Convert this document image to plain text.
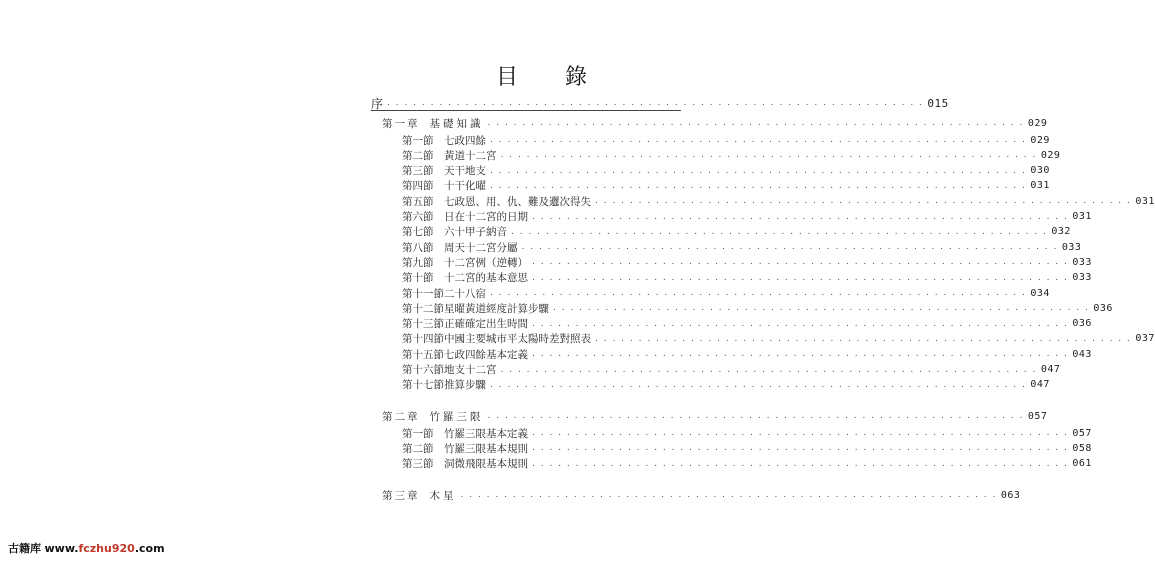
目 錄
序 . . . . . . . . . . . . . . . . . . . . . . . . . . . . . . . . . . . . . . . . . . . . . . . . . . . . . . . . . . . . . . 015
第一章 基礎知識 . . . . . . . . . . . . . . . . . . . . . . . . . . . . . . . . . . . . . . . . . . . . . . . . . . . . . . . . . . . . . . 029
第一節	七政四餘 . . . . . . . . . . . . . . . . . . . . . . . . . . . . . . . . . . . . . . . . . . . . . . . . . . . . . . . . . . . . . . 029
第二節	黃道十二宮 . . . . . . . . . . . . . . . . . . . . . . . . . . . . . . . . . . . . . . . . . . . . . . . . . . . . . . . . . . . . . . 029
第三節	天干地支 . . . . . . . . . . . . . . . . . . . . . . . . . . . . . . . . . . . . . . . . . . . . . . . . . . . . . . . . . . . . . . 030
第四節	十干化曜 . . . . . . . . . . . . . . . . . . . . . . . . . . . . . . . . . . . . . . . . . . . . . . . . . . . . . . . . . . . . . . 031
第五節	七政恩、用、仇、難及邐次得失 . . . . . . . . . . . . . . . . . . . . . . . . . . . . . . . . . . . . . . . . . . . . . . . . . . . . . . . . . . . . . . 031
第六節	日在十二宮的日期 . . . . . . . . . . . . . . . . . . . . . . . . . . . . . . . . . . . . . . . . . . . . . . . . . . . . . . . . . . . . . . 031
第七節	六十甲子納音 . . . . . . . . . . . . . . . . . . . . . . . . . . . . . . . . . . . . . . . . . . . . . . . . . . . . . . . . . . . . . . 032
第八節	周天十二宮分屬 . . . . . . . . . . . . . . . . . . . . . . . . . . . . . . . . . . . . . . . . . . . . . . . . . . . . . . . . . . . . . . 033
第九節	十二宮例（逆轉） . . . . . . . . . . . . . . . . . . . . . . . . . . . . . . . . . . . . . . . . . . . . . . . . . . . . . . . . . . . . . . 033
第十節	十二宮的基本意思 . . . . . . . . . . . . . . . . . . . . . . . . . . . . . . . . . . . . . . . . . . . . . . . . . . . . . . . . . . . . . . 033
第十一節 二十八宿 . . . . . . . . . . . . . . . . . . . . . . . . . . . . . . . . . . . . . . . . . . . . . . . . . . . . . . . . . . . . . . 034
第十二節 星曜黃道經度計算步驟 . . . . . . . . . . . . . . . . . . . . . . . . . . . . . . . . . . . . . . . . . . . . . . . . . . . . . . . . . . . . . . 036
第十三節 正確確定出生時間 . . . . . . . . . . . . . . . . . . . . . . . . . . . . . . . . . . . . . . . . . . . . . . . . . . . . . . . . . . . . . . 036
第十四節 中國主要城市平太陽時差對照表 . . . . . . . . . . . . . . . . . . . . . . . . . . . . . . . . . . . . . . . . . . . . . . . . . . . . . . . . . . . . . . 037
第十五節 七政四餘基本定義 . . . . . . . . . . . . . . . . . . . . . . . . . . . . . . . . . . . . . . . . . . . . . . . . . . . . . . . . . . . . . . 043
第十六節 地支十二宮 . . . . . . . . . . . . . . . . . . . . . . . . . . . . . . . . . . . . . . . . . . . . . . . . . . . . . . . . . . . . . . 047
第十七節 推算步驟 . . . . . . . . . . . . . . . . . . . . . . . . . . . . . . . . . . . . . . . . . . . . . . . . . . . . . . . . . . . . . . 047
第二章 竹羅三限 . . . . . . . . . . . . . . . . . . . . . . . . . . . . . . . . . . . . . . . . . . . . . . . . . . . . . . . . . . . . . . 057
第一節	竹羅三限基本定義 . . . . . . . . . . . . . . . . . . . . . . . . . . . . . . . . . . . . . . . . . . . . . . . . . . . . . . . . . . . . . . 057
第二節	竹羅三限基本規則 . . . . . . . . . . . . . . . . . . . . . . . . . . . . . . . . . . . . . . . . . . . . . . . . . . . . . . . . . . . . . . 058
第三節	洞微飛限基本規則 . . . . . . . . . . . . . . . . . . . . . . . . . . . . . . . . . . . . . . . . . . . . . . . . . . . . . . . . . . . . . . 061
第三章 木星 . . . . . . . . . . . . . . . . . . . . . . . . . . . . . . . . . . . . . . . . . . . . . . . . . . . . . . . . . . . . . . 063
古籍库 www.fczhu920.com
